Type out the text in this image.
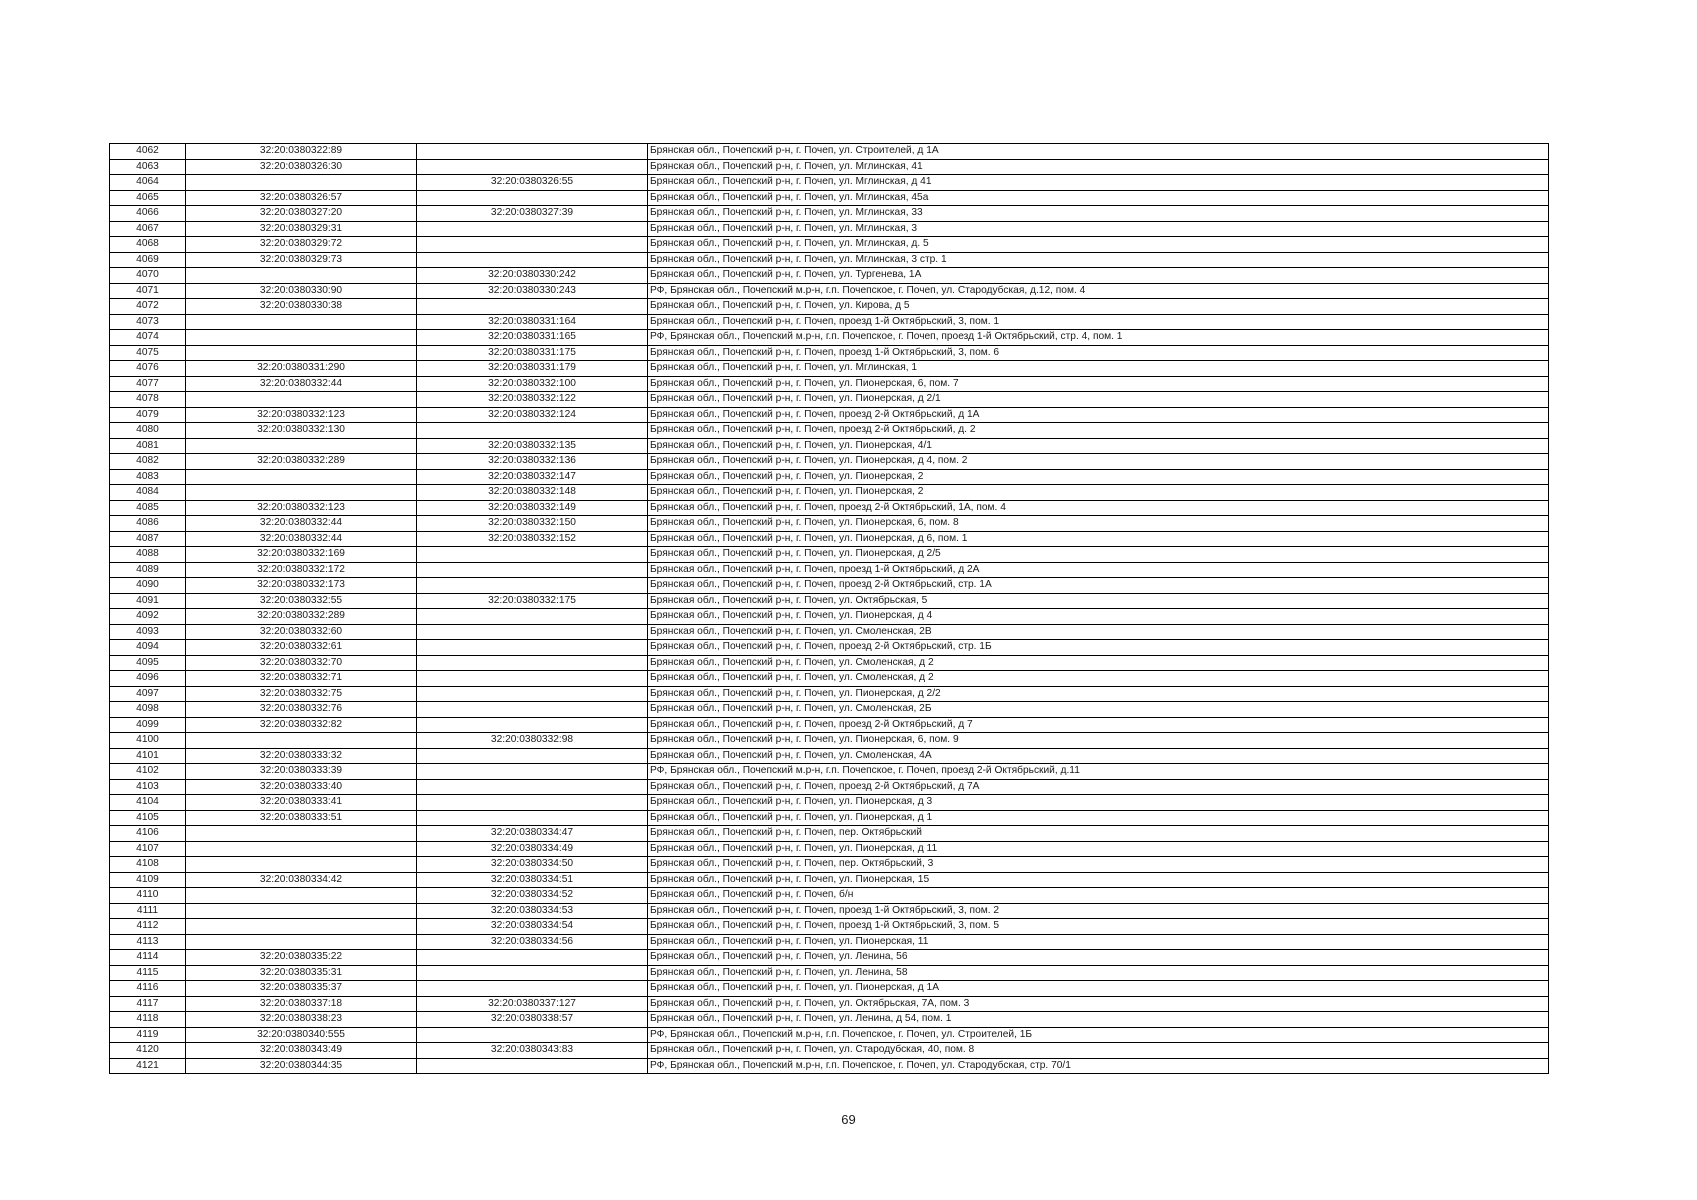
4062	32:20:0380322:89		Брянская обл., Почепский р-н, г. Почеп, ул. Строителей, д 1А
4063	32:20:0380326:30		Брянская обл., Почепский р-н, г. Почеп, ул. Мглинская, 41
4064		32:20:0380326:55	Брянская обл., Почепский р-н, г. Почеп, ул. Мглинская, д 41
4065	32:20:0380326:57		Брянская обл., Почепский р-н, г. Почеп, ул. Мглинская, 45а
4066	32:20:0380327:20	32:20:0380327:39	Брянская обл., Почепский р-н, г. Почеп, ул. Мглинская, 33
4067	32:20:0380329:31		Брянская обл., Почепский р-н, г. Почеп, ул. Мглинская, 3
4068	32:20:0380329:72		Брянская обл., Почепский р-н, г. Почеп, ул. Мглинская, д. 5
4069	32:20:0380329:73		Брянская обл., Почепский р-н, г. Почеп, ул. Мглинская, 3 стр. 1
4070		32:20:0380330:242	Брянская обл., Почепский р-н, г. Почеп, ул. Тургенева, 1А
4071	32:20:0380330:90	32:20:0380330:243	РФ, Брянская обл., Почепский м.р-н, г.п. Почепское, г. Почеп, ул. Стародубская, д.12, пом. 4
4072	32:20:0380330:38		Брянская обл., Почепский р-н, г. Почеп, ул. Кирова, д 5
4073		32:20:0380331:164	Брянская обл., Почепский р-н, г. Почеп, проезд 1-й Октябрьский, 3, пом. 1
4074		32:20:0380331:165	РФ, Брянская обл., Почепский м.р-н, г.п. Почепское, г. Почеп, проезд 1-й Октябрьский, стр. 4, пом. 1
4075		32:20:0380331:175	Брянская обл., Почепский р-н, г. Почеп, проезд 1-й Октябрьский, 3, пом. 6
4076	32:20:0380331:290	32:20:0380331:179	Брянская обл., Почепский р-н, г. Почеп, ул. Мглинская, 1
4077	32:20:0380332:44	32:20:0380332:100	Брянская обл., Почепский р-н, г. Почеп, ул. Пионерская, 6, пом. 7
4078		32:20:0380332:122	Брянская обл., Почепский р-н, г. Почеп, ул. Пионерская, д 2/1
4079	32:20:0380332:123	32:20:0380332:124	Брянская обл., Почепский р-н, г. Почеп, проезд 2-й Октябрьский, д 1А
4080	32:20:0380332:130		Брянская обл., Почепский р-н, г. Почеп, проезд 2-й Октябрьский, д. 2
4081		32:20:0380332:135	Брянская обл., Почепский р-н, г. Почеп, ул. Пионерская, 4/1
4082	32:20:0380332:289	32:20:0380332:136	Брянская обл., Почепский р-н, г. Почеп, ул. Пионерская, д 4, пом. 2
4083		32:20:0380332:147	Брянская обл., Почепский р-н, г. Почеп, ул. Пионерская, 2
4084		32:20:0380332:148	Брянская обл., Почепский р-н, г. Почеп, ул. Пионерская, 2
4085	32:20:0380332:123	32:20:0380332:149	Брянская обл., Почепский р-н, г. Почеп, проезд 2-й Октябрьский, 1А, пом. 4
4086	32:20:0380332:44	32:20:0380332:150	Брянская обл., Почепский р-н, г. Почеп, ул. Пионерская, 6, пом. 8
4087	32:20:0380332:44	32:20:0380332:152	Брянская обл., Почепский р-н, г. Почеп, ул. Пионерская, д 6, пом. 1
4088	32:20:0380332:169		Брянская обл., Почепский р-н, г. Почеп, ул. Пионерская, д 2/5
4089	32:20:0380332:172		Брянская обл., Почепский р-н, г. Почеп, проезд 1-й Октябрьский, д 2А
4090	32:20:0380332:173		Брянская обл., Почепский р-н, г. Почеп, проезд 2-й Октябрьский, стр. 1А
4091	32:20:0380332:55	32:20:0380332:175	Брянская обл., Почепский р-н, г. Почеп, ул. Октябрьская, 5
4092	32:20:0380332:289		Брянская обл., Почепский р-н, г. Почеп, ул. Пионерская, д 4
4093	32:20:0380332:60		Брянская обл., Почепский р-н, г. Почеп, ул. Смоленская, 2В
4094	32:20:0380332:61		Брянская обл., Почепский р-н, г. Почеп, проезд 2-й Октябрьский, стр. 1Б
4095	32:20:0380332:70		Брянская обл., Почепский р-н, г. Почеп, ул. Смоленская, д 2
4096	32:20:0380332:71		Брянская обл., Почепский р-н, г. Почеп, ул. Смоленская, д 2
4097	32:20:0380332:75		Брянская обл., Почепский р-н, г. Почеп, ул. Пионерская, д 2/2
4098	32:20:0380332:76		Брянская обл., Почепский р-н, г. Почеп, ул. Смоленская, 2Б
4099	32:20:0380332:82		Брянская обл., Почепский р-н, г. Почеп, проезд 2-й Октябрьский, д 7
4100		32:20:0380332:98	Брянская обл., Почепский р-н, г. Почеп, ул. Пионерская, 6, пом. 9
4101	32:20:0380333:32		Брянская обл., Почепский р-н, г. Почеп, ул. Смоленская, 4А
4102	32:20:0380333:39		РФ, Брянская обл., Почепский м.р-н, г.п. Почепское, г. Почеп, проезд 2-й Октябрьский, д.11
4103	32:20:0380333:40		Брянская обл., Почепский р-н, г. Почеп, проезд 2-й Октябрьский, д 7А
4104	32:20:0380333:41		Брянская обл., Почепский р-н, г. Почеп, ул. Пионерская, д 3
4105	32:20:0380333:51		Брянская обл., Почепский р-н, г. Почеп, ул. Пионерская, д 1
4106		32:20:0380334:47	Брянская обл., Почепский р-н, г. Почеп, пер. Октябрьский
4107		32:20:0380334:49	Брянская обл., Почепский р-н, г. Почеп, ул. Пионерская, д 11
4108		32:20:0380334:50	Брянская обл., Почепский р-н, г. Почеп, пер. Октябрьский, 3
4109	32:20:0380334:42	32:20:0380334:51	Брянская обл., Почепский р-н, г. Почеп, ул. Пионерская, 15
4110		32:20:0380334:52	Брянская обл., Почепский р-н, г. Почеп, б/н
4111		32:20:0380334:53	Брянская обл., Почепский р-н, г. Почеп, проезд 1-й Октябрьский, 3, пом. 2
4112		32:20:0380334:54	Брянская обл., Почепский р-н, г. Почеп, проезд 1-й Октябрьский, 3, пом. 5
4113		32:20:0380334:56	Брянская обл., Почепский р-н, г. Почеп, ул. Пионерская, 11
4114	32:20:0380335:22		Брянская обл., Почепский р-н, г. Почеп, ул. Ленина, 56
4115	32:20:0380335:31		Брянская обл., Почепский р-н, г. Почеп, ул. Ленина, 58
4116	32:20:0380335:37		Брянская обл., Почепский р-н, г. Почеп, ул. Пионерская, д 1А
4117	32:20:0380337:18	32:20:0380337:127	Брянская обл., Почепский р-н, г. Почеп, ул. Октябрьская, 7А, пом. 3
4118	32:20:0380338:23	32:20:0380338:57	Брянская обл., Почепский р-н, г. Почеп, ул. Ленина, д 54, пом. 1
4119	32:20:0380340:555		РФ, Брянская обл., Почепский м.р-н, г.п. Почепское, г. Почеп, ул. Строителей, 1Б
4120	32:20:0380343:49	32:20:0380343:83	Брянская обл., Почепский р-н, г. Почеп, ул. Стародубская, 40, пом. 8
4121	32:20:0380344:35		РФ, Брянская обл., Почепский м.р-н, г.п. Почепское, г. Почеп, ул. Стародубская, стр. 70/1
69
